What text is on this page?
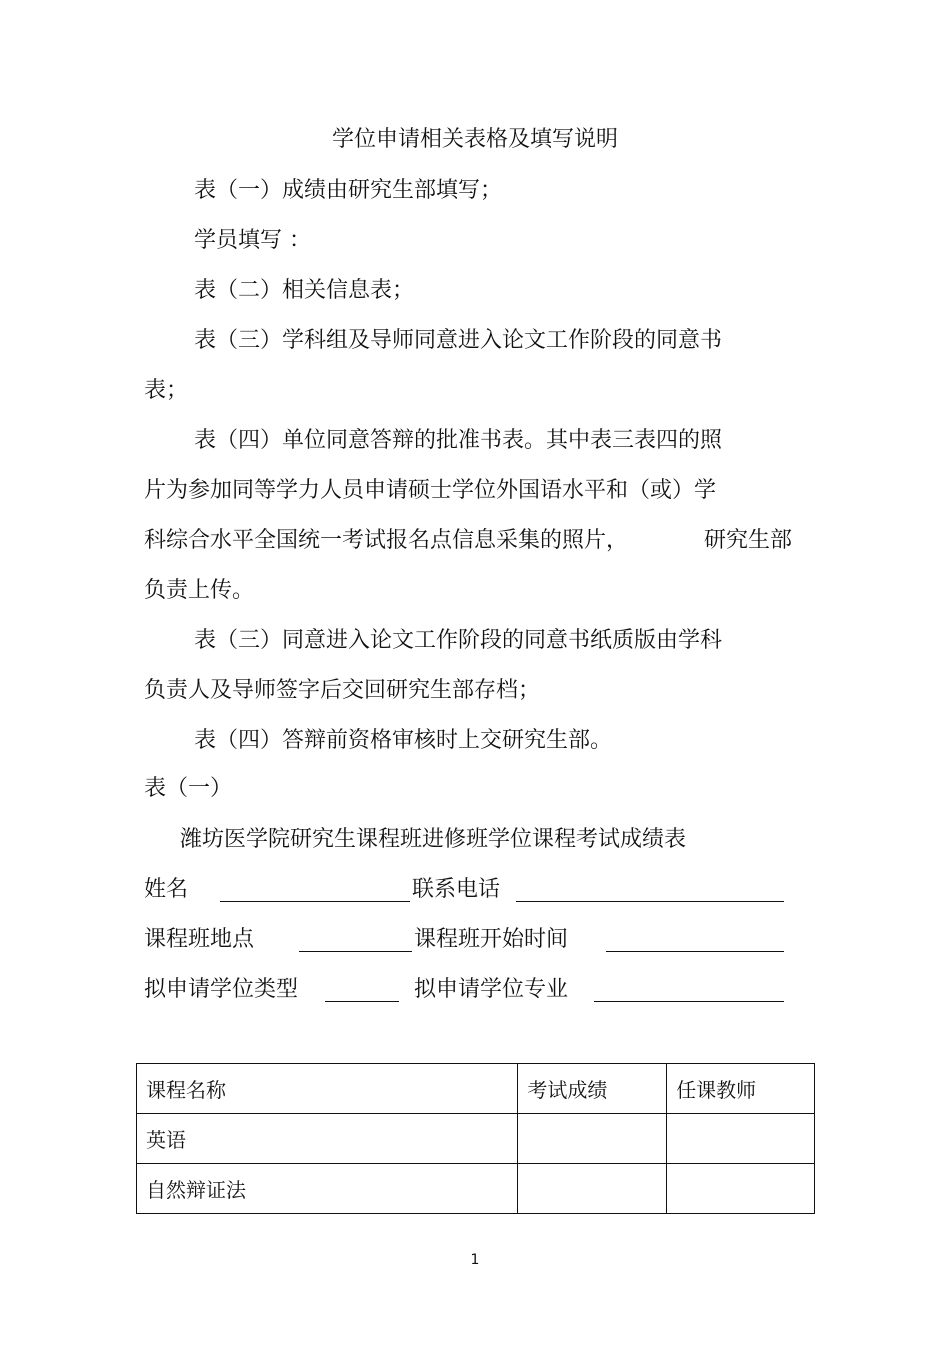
学位申请相关表格及填写说明
表（一）成绩由研究生部填写；
学员填写 ：
表（二）相关信息表；
表（三）学科组及导师同意进入论文工作阶段的同意书
表；
表（四）单位同意答辩的批准书表。其中表三表四的照
片为参加同等学力人员申请硕士学位外国语水平和（或）学
科综合水平全国统一考试报名点信息采集的照片，	研究生部
负责上传。
表（三）同意进入论文工作阶段的同意书纸质版由学科
负责人及导师签字后交回研究生部存档；
表（四）答辩前资格审核时上交研究生部。
表（一）
潍坊医学院研究生课程班进修班学位课程考试成绩表
姓名	联系电话
课程班地点	课程班开始时间
拟申请学位类型	拟申请学位专业
课程名称	考试成绩	任课教师
英语		
自然辩证法		
1
